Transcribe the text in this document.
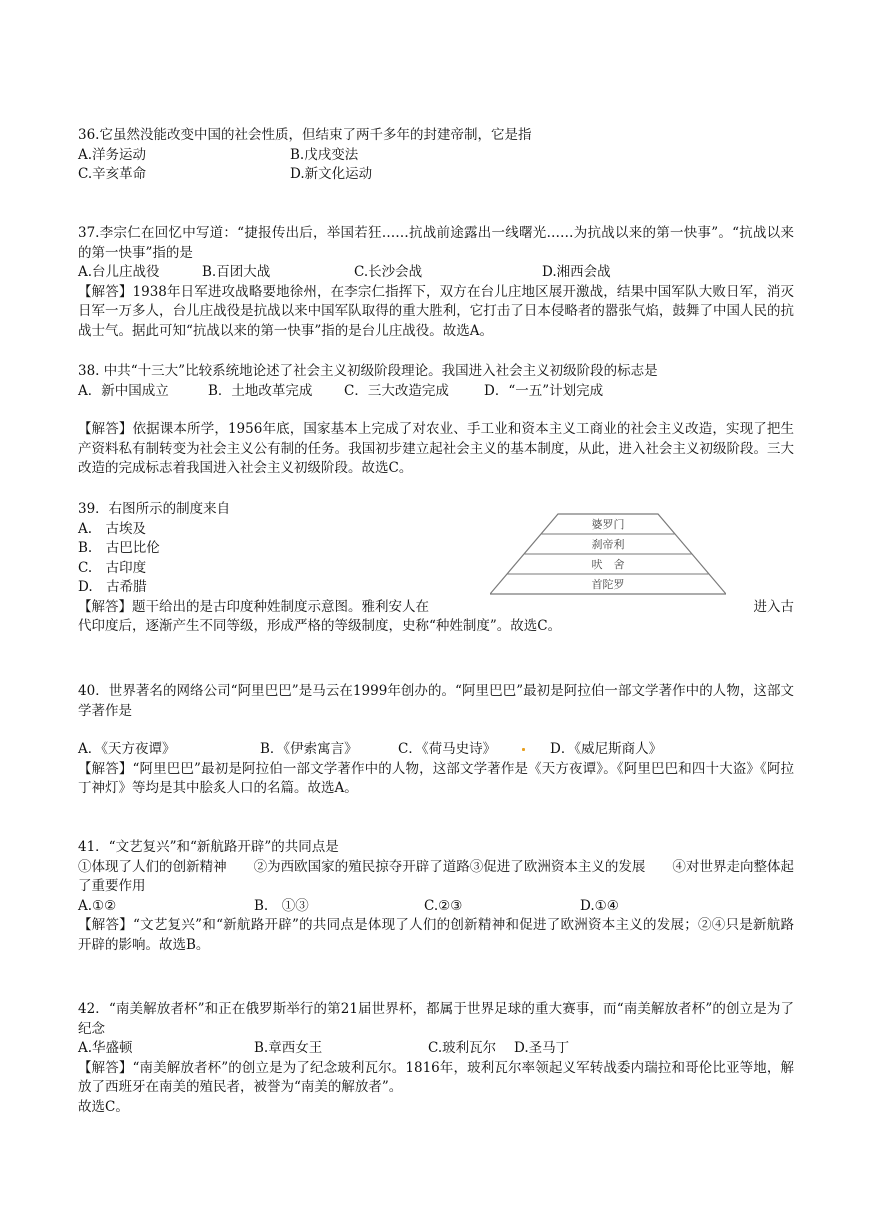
36.它虽然没能改变中国的社会性质，但结束了两千多年的封建帝制，它是指
A.洋务运动	B.戊戌变法
C.辛亥革命	D.新文化运动
37.李宗仁在回忆中写道：“捷报传出后，举国若狂……抗战前途露出一线曙光……为抗战以来的第一快事”。“抗战以来的第一快事”指的是
A.台儿庄战役	B.百团大战	C.长沙会战	D.湘西会战
【解答】1938年日军进攻战略要地徐州，在李宗仁指挥下，双方在台儿庄地区展开激战，结果中国军队大败日军，消灭日军一万多人，台儿庄战役是抗战以来中国军队取得的重大胜利，它打击了日本侵略者的嚣张气焰，鼓舞了中国人民的抗战士气。据此可知“抗战以来的第一快事”指的是台儿庄战役。故选A。
38. 中共“十三大”比较系统地论述了社会主义初级阶段理论。我国进入社会主义初级阶段的标志是
A．新中国成立	B．土地改革完成	C．三大改造完成	D．“一五”计划完成
【解答】依据课本所学，1956年底，国家基本上完成了对农业、手工业和资本主义工商业的社会主义改造，实现了把生产资料私有制转变为社会主义公有制的任务。我国初步建立起社会主义的基本制度，从此，进入社会主义初级阶段。三大改造的完成标志着我国进入社会主义初级阶段。故选C。
39．右图所示的制度来自
A.　古埃及
B.　古巴比伦
C.　古印度
D.　古希腊
【解答】题干给出的是古印度种姓制度示意图。雅利安人在	进入古
代印度后，逐渐产生不同等级，形成严格的等级制度，史称“种姓制度”。故选C。
婆罗门
刹帝利
吠　舍
首陀罗
40．世界著名的网络公司“阿里巴巴”是马云在1999年创办的。“阿里巴巴”最初是阿拉伯一部文学著作中的人物，这部文学著作是
A．《天方夜谭》	B．《伊索寓言》	C．《荷马史诗》	D．《威尼斯商人》
【解答】“阿里巴巴”最初是阿拉伯一部文学著作中的人物，这部文学著作是《天方夜谭》。《阿里巴巴和四十大盗》《阿拉丁神灯》等均是其中脍炙人口的名篇。故选A。
41．“文艺复兴”和“新航路开辟”的共同点是
①体现了人们的创新精神　　②为西欧国家的殖民掠夺开辟了道路③促进了欧洲资本主义的发展　　④对世界走向整体起了重要作用
A.①②	B.　①③	C.②③	D.①④
【解答】“文艺复兴”和“新航路开辟”的共同点是体现了人们的创新精神和促进了欧洲资本主义的发展；②④只是新航路开辟的影响。故选B。
42．“南美解放者杯”和正在俄罗斯举行的第21届世界杯，都属于世界足球的重大赛事，而“南美解放者杯”的创立是为了纪念
A.华盛顿	B.章西女王	C.玻利瓦尔	D.圣马丁
【解答】“南美解放者杯”的创立是为了纪念玻利瓦尔。1816年，玻利瓦尔率领起义军转战委内瑞拉和哥伦比亚等地，解放了西班牙在南美的殖民者，被誉为“南美的解放者”。
故选C。
